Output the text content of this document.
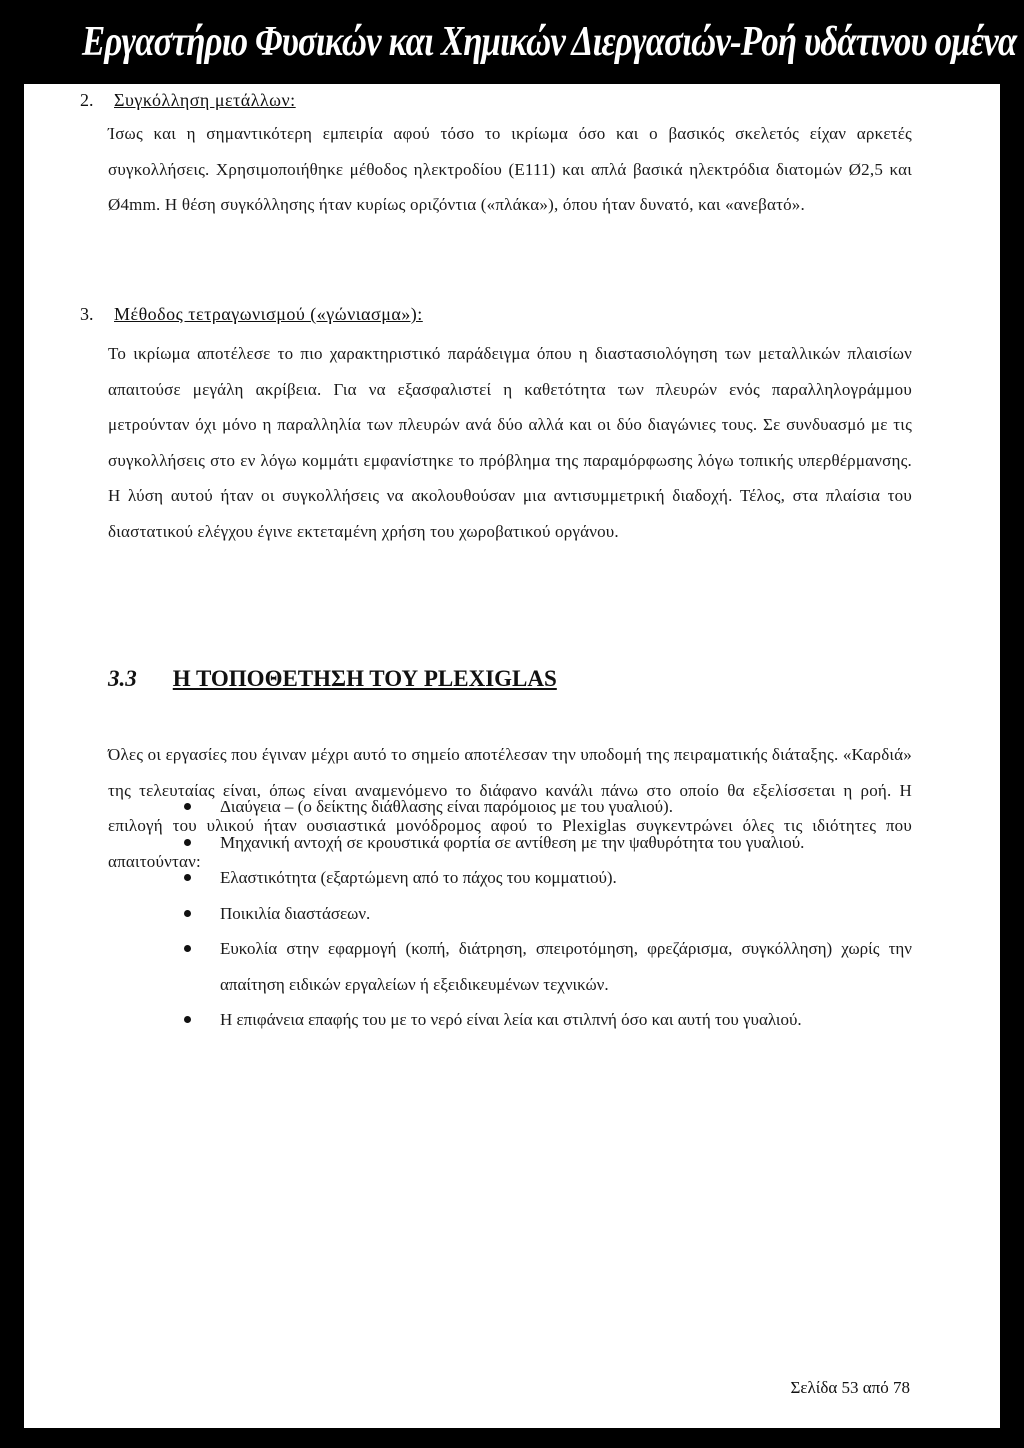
Εργαστήριο Φυσικών και Χημικών Διεργασιών-Ροή υδάτινου ομένα
2. Συγκόλληση μετάλλων:

Ίσως και η σημαντικότερη εμπειρία αφού τόσο το ικρίωμα όσο και ο βασικός σκελετός είχαν αρκετές συγκολλήσεις. Χρησιμοποιήθηκε μέθοδος ηλεκτροδίου (Ε111) και απλά βασικά ηλεκτρόδια διατομών Ø2,5 και Ø4mm. Η θέση συγκόλλησης ήταν κυρίως οριζόντια («πλάκα»), όπου ήταν δυνατό, και «ανεβατό».

3. Μέθοδος τετραγωνισμού («γώνιασμα»):

Το ικρίωμα αποτέλεσε το πιο χαρακτηριστικό παράδειγμα όπου η διαστασιολόγηση των μεταλλικών πλαισίων απαιτούσε μεγάλη ακρίβεια. Για να εξασφαλιστεί η καθετότητα των πλευρών ενός παραλληλογράμμου μετρούνταν όχι μόνο η παραλληλία των πλευρών ανά δύο αλλά και οι δύο διαγώνιες τους. Σε συνδυασμό με τις συγκολλήσεις στο εν λόγω κομμάτι εμφανίστηκε το πρόβλημα της παραμόρφωσης λόγω τοπικής υπερθέρμανσης. Η λύση αυτού ήταν οι συγκολλήσεις να ακολουθούσαν μια αντισυμμετρική διαδοχή. Τέλος, στα πλαίσια του διαστατικού ελέγχου έγινε εκτεταμένη χρήση του χωροβατικού οργάνου.

3.3 Η ΤΟΠΟΘΕΤΗΣΗ ΤΟΥ PLEXIGLAS

Όλες οι εργασίες που έγιναν μέχρι αυτό το σημείο αποτέλεσαν την υποδομή της πειραματικής διάταξης. «Καρδιά» της τελευταίας είναι, όπως είναι αναμενόμενο το διάφανο κανάλι πάνω στο οποίο θα εξελίσσεται η ροή. Η επιλογή του υλικού ήταν ουσιαστικά μονόδρομος αφού το Plexiglas συγκεντρώνει όλες τις ιδιότητες που απαιτούνταν:

Διαύγεια – (ο δείκτης διάθλασης είναι παρόμοιος με του γυαλιού).
Μηχανική αντοχή σε κρουστικά φορτία σε αντίθεση με την ψαθυρότητα του γυαλιού.
Ελαστικότητα (εξαρτώμενη από το πάχος του κομματιού).
Ποικιλία διαστάσεων.
Ευκολία στην εφαρμογή (κοπή, διάτρηση, σπειροτόμηση, φρεζάρισμα, συγκόλληση) χωρίς την απαίτηση ειδικών εργαλείων ή εξειδικευμένων τεχνικών.
Η επιφάνεια επαφής του με το νερό είναι λεία και στιλπνή όσο και αυτή του γυαλιού.
Σελίδα 53 από 78
